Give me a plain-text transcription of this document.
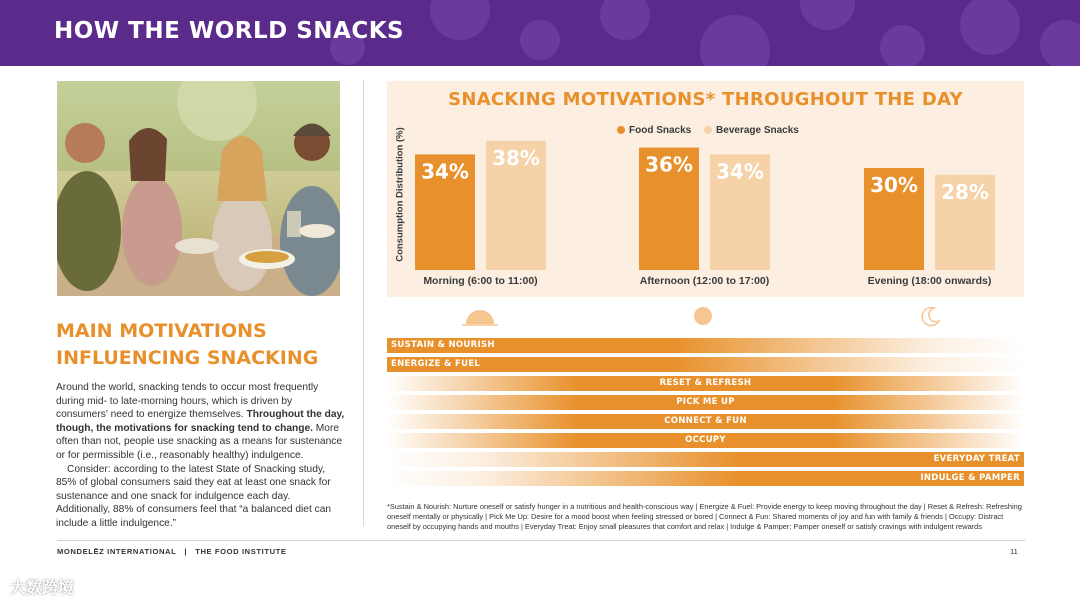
HOW THE WORLD SNACKS
MAIN MOTIVATIONS
INFLUENCING SNACKING

Around the world, snacking tends to occur most frequently during mid- to late-morning hours, which is driven by consumers' need to energize themselves. Throughout the day, though, the motivations for snacking tend to change. More often than not, people use snacking as a means for sustenance or for permissible (i.e., reasonably healthy) indulgence.

Consider: according to the latest State of Snacking study, 85% of global consumers said they eat at least one snack for sustenance and one snack for indulgence each day. Additionally, 88% of consumers feel that “a balanced diet can include a little indulgence.”

SNACKING MOTIVATIONS* THROUGHOUT THE DAY
Food Snacks Beverage Snacks
Consumption Distribution (%) 34%
38%
Morning (6:00 to 11:00)
36% 34%
Afternoon (12:00 to 17:00)
30% 28%
Evening (18:00 onwards)
SUSTAIN & NOURISH
ENERGIZE & FUEL
RESET & REFRESH
PICK ME UP
CONNECT & FUN
OCCUPY
EVERYDAY TREAT
INDULGE & PAMPER
*Sustain & Nourish: Nurture oneself or satisfy hunger in a nutritious and health-conscious way | Energize & Fuel: Provide energy to keep moving throughout the day | Reset & Refresh: Refreshing oneself mentally or physically | Pick Me Up: Desire for a mood boost when feeling stressed or bored | Connect & Fun: Shared moments of joy and fun with family & friends | Occupy: Distract oneself by occupying hands and mouths | Everyday Treat: Enjoy small pleasures that comfort and relax | Indulge & Pamper: Pamper oneself or satisfy cravings with indulgent rewards
MONDELĒZ INTERNATIONAL   |   THE FOOD INSTITUTE	11
大数跨境
